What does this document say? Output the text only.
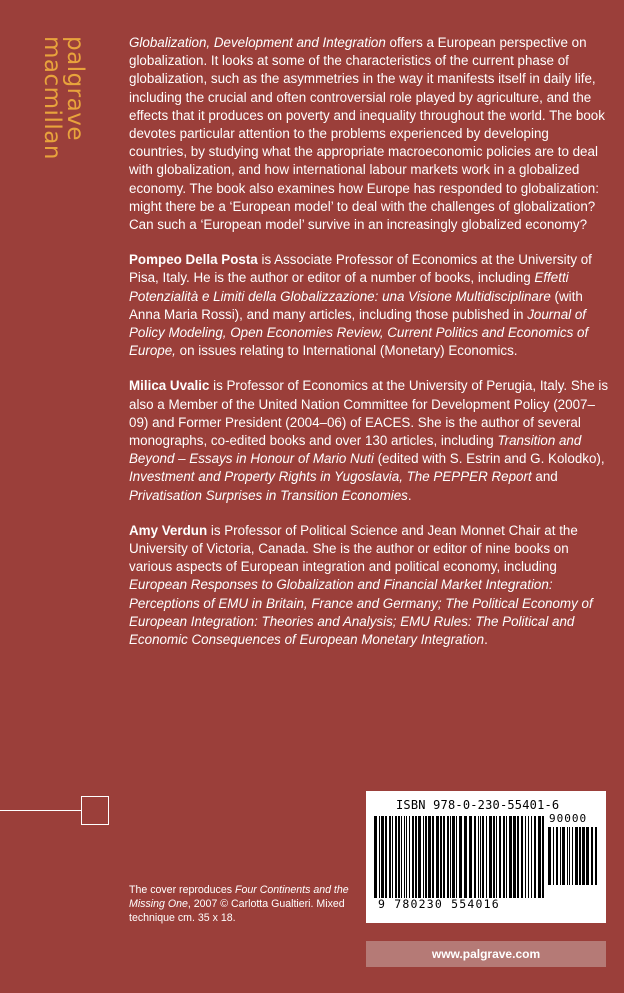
palgrave
macmillan	Globalization, Development and Integration offers a European perspective on globalization. It looks at some of the characteristics of the current phase of globalization, such as the asymmetries in the way it manifests itself in daily life, including the crucial and often controversial role played by agriculture, and the effects that it produces on poverty and inequality throughout the world. The book devotes particular attention to the problems experienced by developing countries, by studying what the appropriate macroeconomic policies are to deal with globalization, and how international labour markets work in a globalized economy. The book also examines how Europe has responded to globalization: might there be a ‘European model’ to deal with the challenges of globalization? Can such a ‘European model’ survive in an increasingly globalized economy?

Pompeo Della Posta is Associate Professor of Economics at the University of Pisa, Italy. He is the author or editor of a number of books, including Effetti Potenzialità e Limiti della Globalizzazione: una Visione Multidisciplinare (with Anna Maria Rossi), and many articles, including those published in Journal of Policy Modeling, Open Economies Review, Current Politics and Economics of Europe, on issues relating to International (Monetary) Economics.

Milica Uvalic is Professor of Economics at the University of Perugia, Italy. She is also a Member of the United Nation Committee for Development Policy (2007–09) and Former President (2004–06) of EACES. She is the author of several monographs, co-edited books and over 130 articles, including Transition and Beyond – Essays in Honour of Mario Nuti (edited with S. Estrin and G. Kolodko), Investment and Property Rights in Yugoslavia, The PEPPER Report and Privatisation Surprises in Transition Economies.

Amy Verdun is Professor of Political Science and Jean Monnet Chair at the University of Victoria, Canada. She is the author or editor of nine books on various aspects of European integration and political economy, including European Responses to Globalization and Financial Market Integration: Perceptions of EMU in Britain, France and Germany; The Political Economy of European Integration: Theories and Analysis; EMU Rules: The Political and Economic Consequences of European Monetary Integration.

ISBN 978-0-230-55401-6
90000
9 780230 554016
The cover reproduces Four Continents and the Missing One, 2007 © Carlotta Gualtieri. Mixed technique cm. 35 x 18.
www.palgrave.com
